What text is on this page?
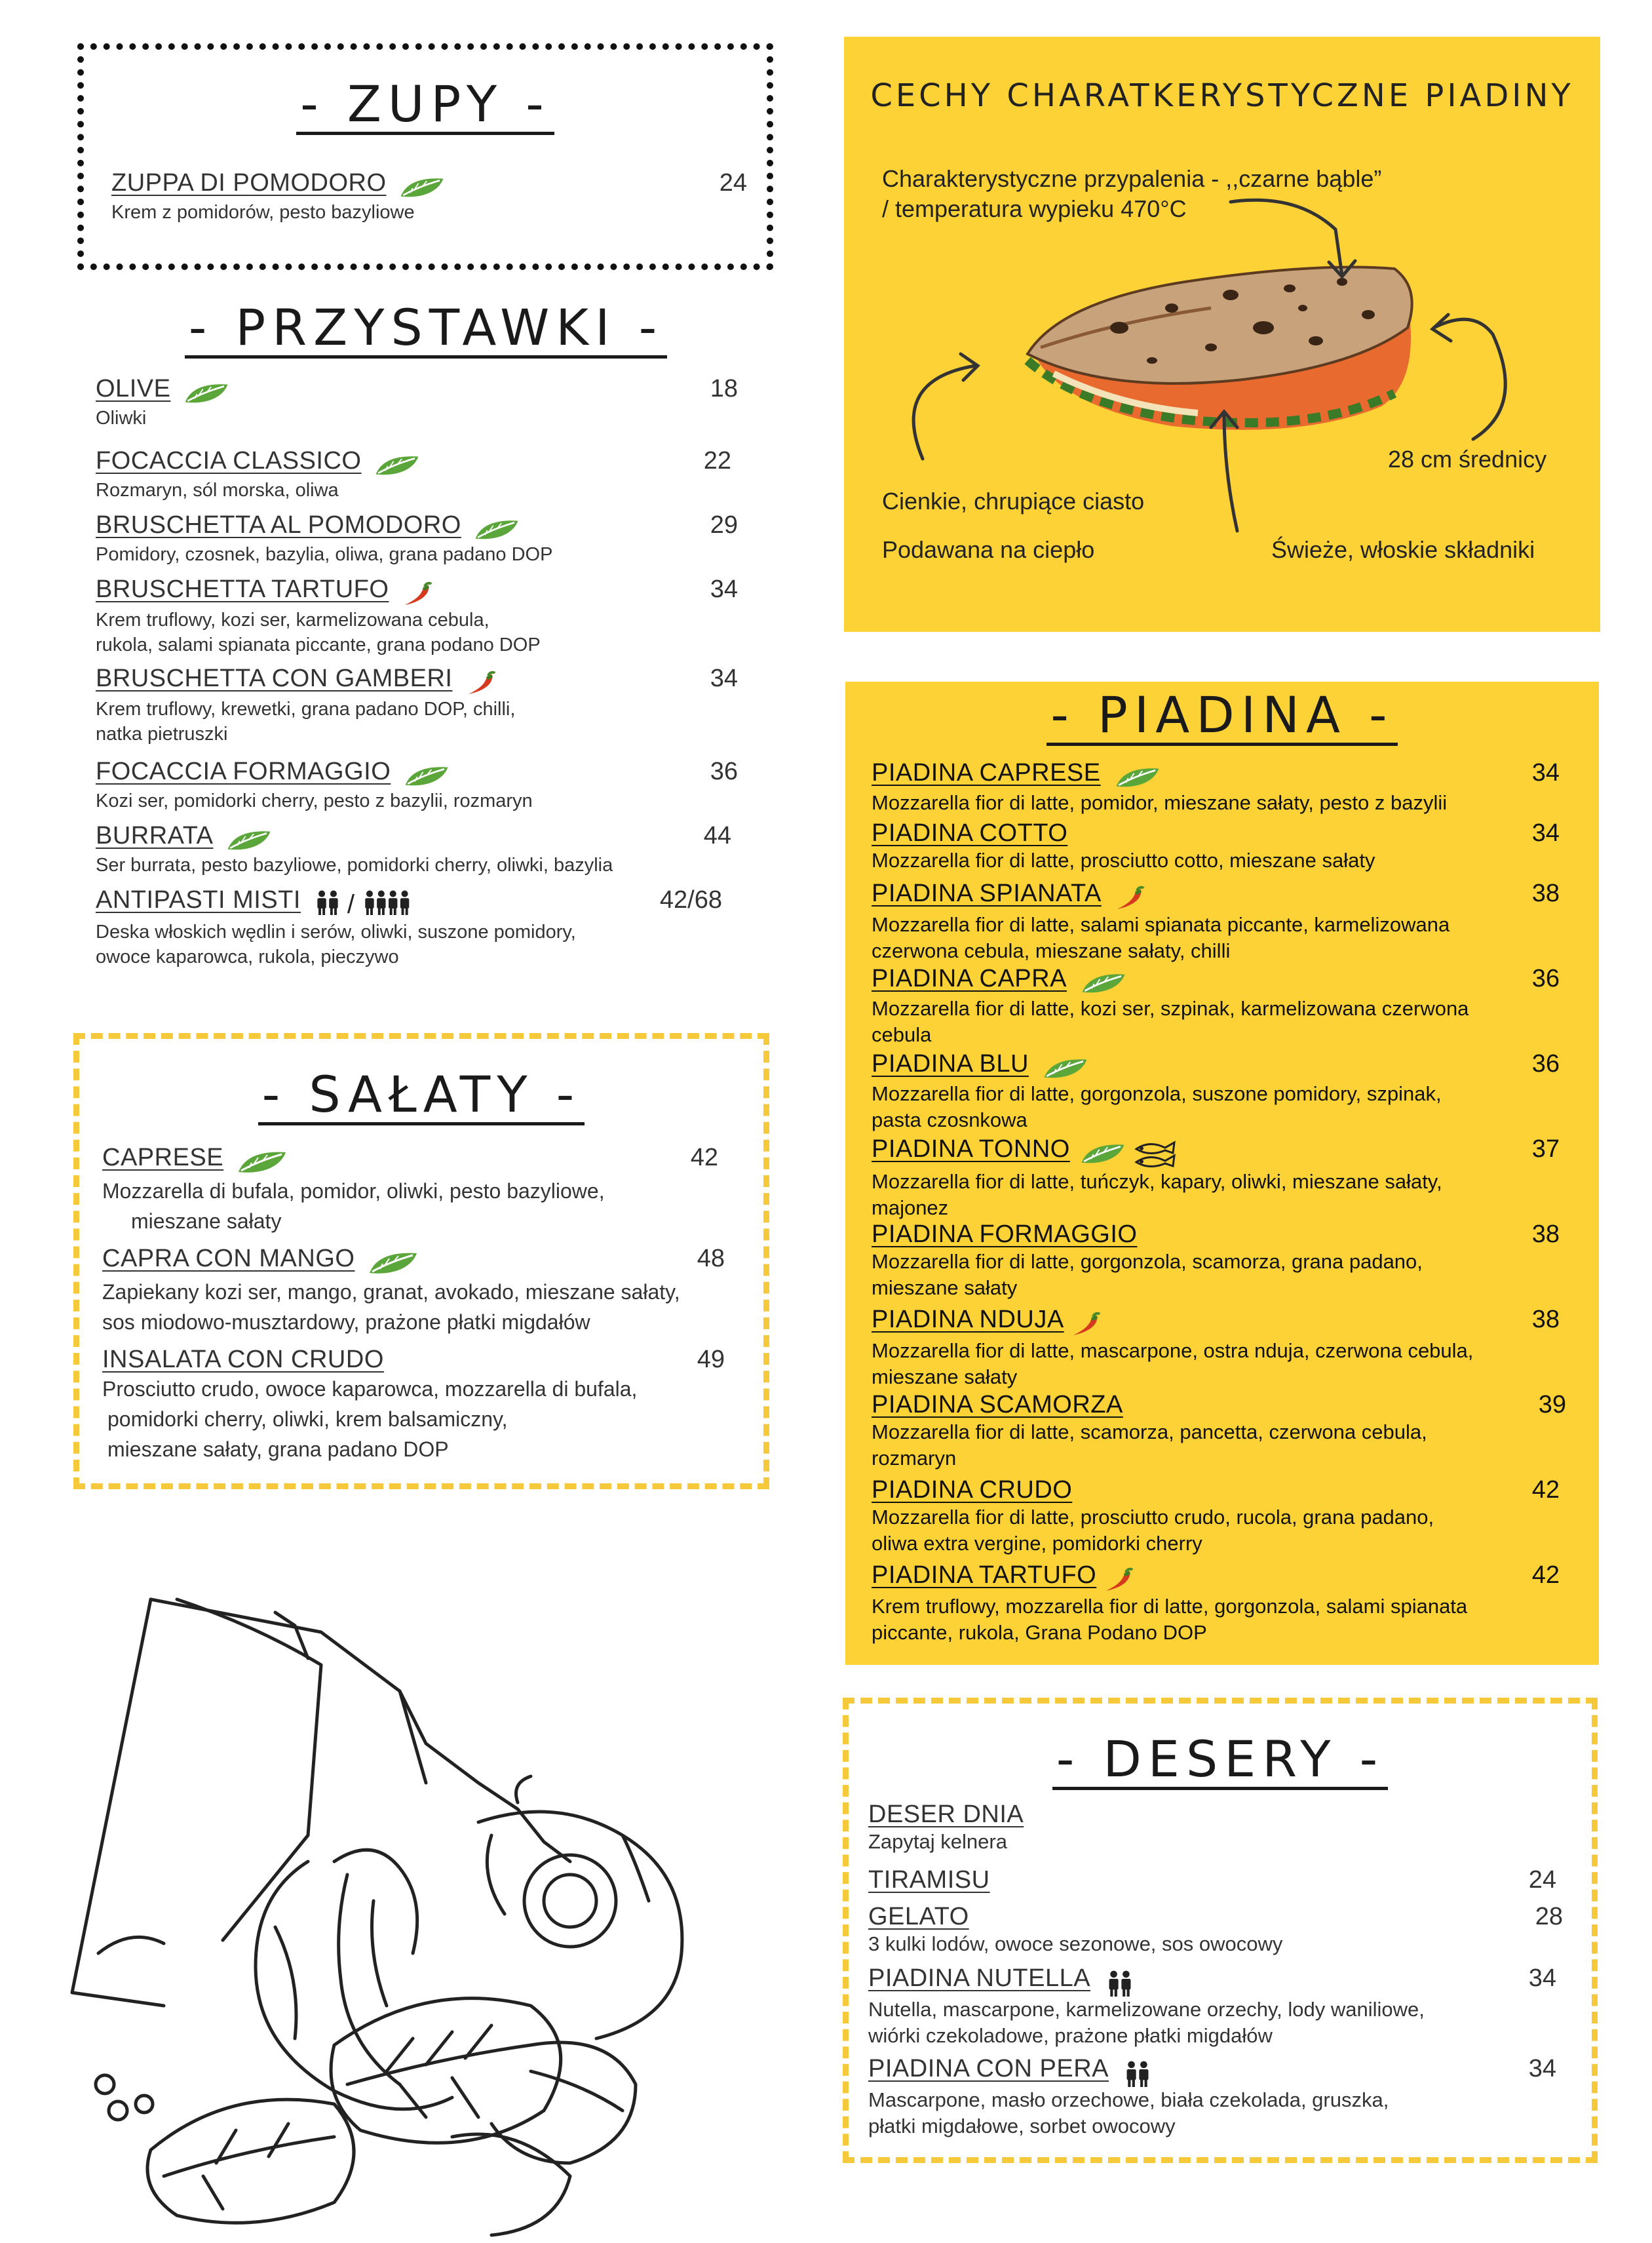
- ZUPY -
ZUPPA DI POMODORO	24
Krem z pomidorów, pesto bazyliowe
- PRZYSTAWKI -
OLIVE	18
Oliwki
FOCACCIA CLASSICO	22
Rozmaryn, sól morska, oliwa
BRUSCHETTA AL POMODORO	29
Pomidory, czosnek, bazylia, oliwa, grana padano DOP
BRUSCHETTA TARTUFO	34
Krem truflowy, kozi ser, karmelizowana cebula,
rukola, salami spianata piccante, grana podano DOP
BRUSCHETTA CON GAMBERI	34
Krem truflowy, krewetki, grana padano DOP, chilli,
natka pietruszki
FOCACCIA FORMAGGIO	36
Kozi ser, pomidorki cherry, pesto z bazylii, rozmaryn
BURRATA	44
Ser burrata, pesto bazyliowe, pomidorki cherry, oliwki, bazylia
ANTIPASTI MISTI /	42/68
Deska włoskich wędlin i serów, oliwki, suszone pomidory,
owoce kaparowca, rukola, pieczywo
- SAŁATY -
CAPRESE	42
Mozzarella di bufala, pomidor, oliwki, pesto bazyliowe,
mieszane sałaty
CAPRA CON MANGO	48
Zapiekany kozi ser, mango, granat, avokado, mieszane sałaty,
sos miodowo-musztardowy, prażone płatki migdałów
INSALATA CON CRUDO	49
Prosciutto crudo, owoce kaparowca, mozzarella di bufala,
pomidorki cherry, oliwki, krem balsamiczny,
mieszane sałaty, grana padano DOP
CECHY CHARATKERYSTYCZNE PIADINY
Charakterystyczne przypalenia - ,,czarne bąble”
/ temperatura wypieku 470°C
28 cm średnicy
Cienkie, chrupiące ciasto
Podawana na ciepło	Świeże, włoskie składniki
- PIADINA -
PIADINA CAPRESE	34
Mozzarella fior di latte, pomidor, mieszane sałaty, pesto z bazylii
PIADINA COTTO	34
Mozzarella fior di latte, prosciutto cotto, mieszane sałaty
PIADINA SPIANATA	38
Mozzarella fior di latte, salami spianata piccante, karmelizowana
czerwona cebula, mieszane sałaty, chilli
PIADINA CAPRA	36
Mozzarella fior di latte, kozi ser, szpinak, karmelizowana czerwona
cebula
PIADINA BLU	36
Mozzarella fior di latte, gorgonzola, suszone pomidory, szpinak,
pasta czosnkowa
PIADINA TONNO	37
Mozzarella fior di latte, tuńczyk, kapary, oliwki, mieszane sałaty,
majonez
PIADINA FORMAGGIO	38
Mozzarella fior di latte, gorgonzola, scamorza, grana padano,
mieszane sałaty
PIADINA NDUJA	38
Mozzarella fior di latte, mascarpone, ostra nduja, czerwona cebula,
mieszane sałaty
PIADINA SCAMORZA	39
Mozzarella fior di latte, scamorza, pancetta, czerwona cebula,
rozmaryn
PIADINA CRUDO	42
Mozzarella fior di latte, prosciutto crudo, rucola, grana padano,
oliwa extra vergine, pomidorki cherry
PIADINA TARTUFO	42
Krem truflowy, mozzarella fior di latte, gorgonzola, salami spianata
piccante, rukola, Grana Podano DOP
- DESERY -
DESER DNIA
Zapytaj kelnera
TIRAMISU	24
GELATO	28
3 kulki lodów, owoce sezonowe, sos owocowy
PIADINA NUTELLA	34
Nutella, mascarpone, karmelizowane orzechy, lody waniliowe,
wiórki czekoladowe, prażone płatki migdałów
PIADINA CON PERA	34
Mascarpone, masło orzechowe, biała czekolada, gruszka,
płatki migdałowe, sorbet owocowy
